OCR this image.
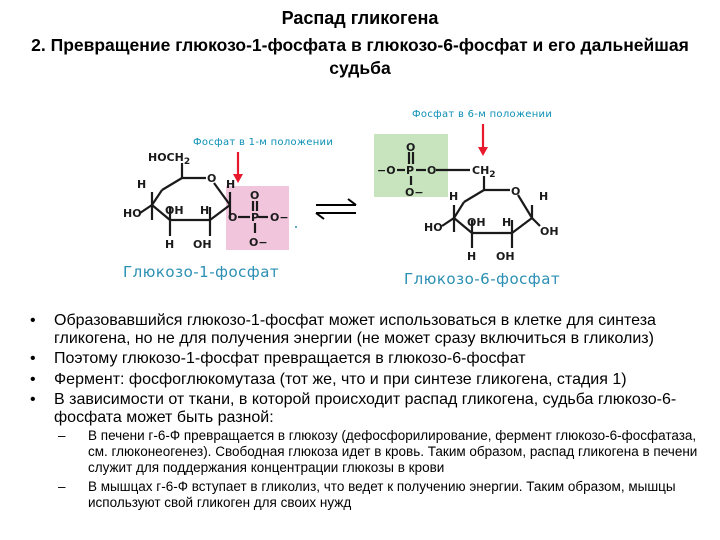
Распад гликогена
2. Превращение глюкозо-1-фосфата в глюкозо-6-фосфат и его дальнейшая судьба
Фосфат в 1-м положении
Фосфат в 6-м положении
$HOCH_2$
O
H	H
HO OH H
H OH
O P
O
O−
O−
−O P
O
O−
O	$CH_2$
O
H	H
HO OH H
OH
H OH
Глюкозо-1-фосфат	Глюкозо-6-фосфат
• Образовавшийся глюкозо-1-фосфат может использоваться в клетке для синтеза гликогена, но не для получения энергии (не может сразу включиться в гликолиз)
• Поэтому глюкозо-1-фосфат превращается в глюкозо-6-фосфат
• Фермент: фосфоглюкомутаза (тот же, что и при синтезе гликогена, стадия 1)
• В зависимости от ткани, в которой происходит распад гликогена, судьба глюкозо-6-фосфата может быть разной:
– В печени г-6-Ф превращается в глюкозу (дефосфорилирование, фермент глюкозо-6-фосфатаза, см. глюконеогенез). Свободная глюкоза идет в кровь. Таким образом, распад гликогена в печени служит для поддержания концентрации глюкозы в крови
– В мышцах г-6-Ф вступает в гликолиз, что ведет к получению энергии. Таким образом, мышцы используют свой гликоген для своих нужд
